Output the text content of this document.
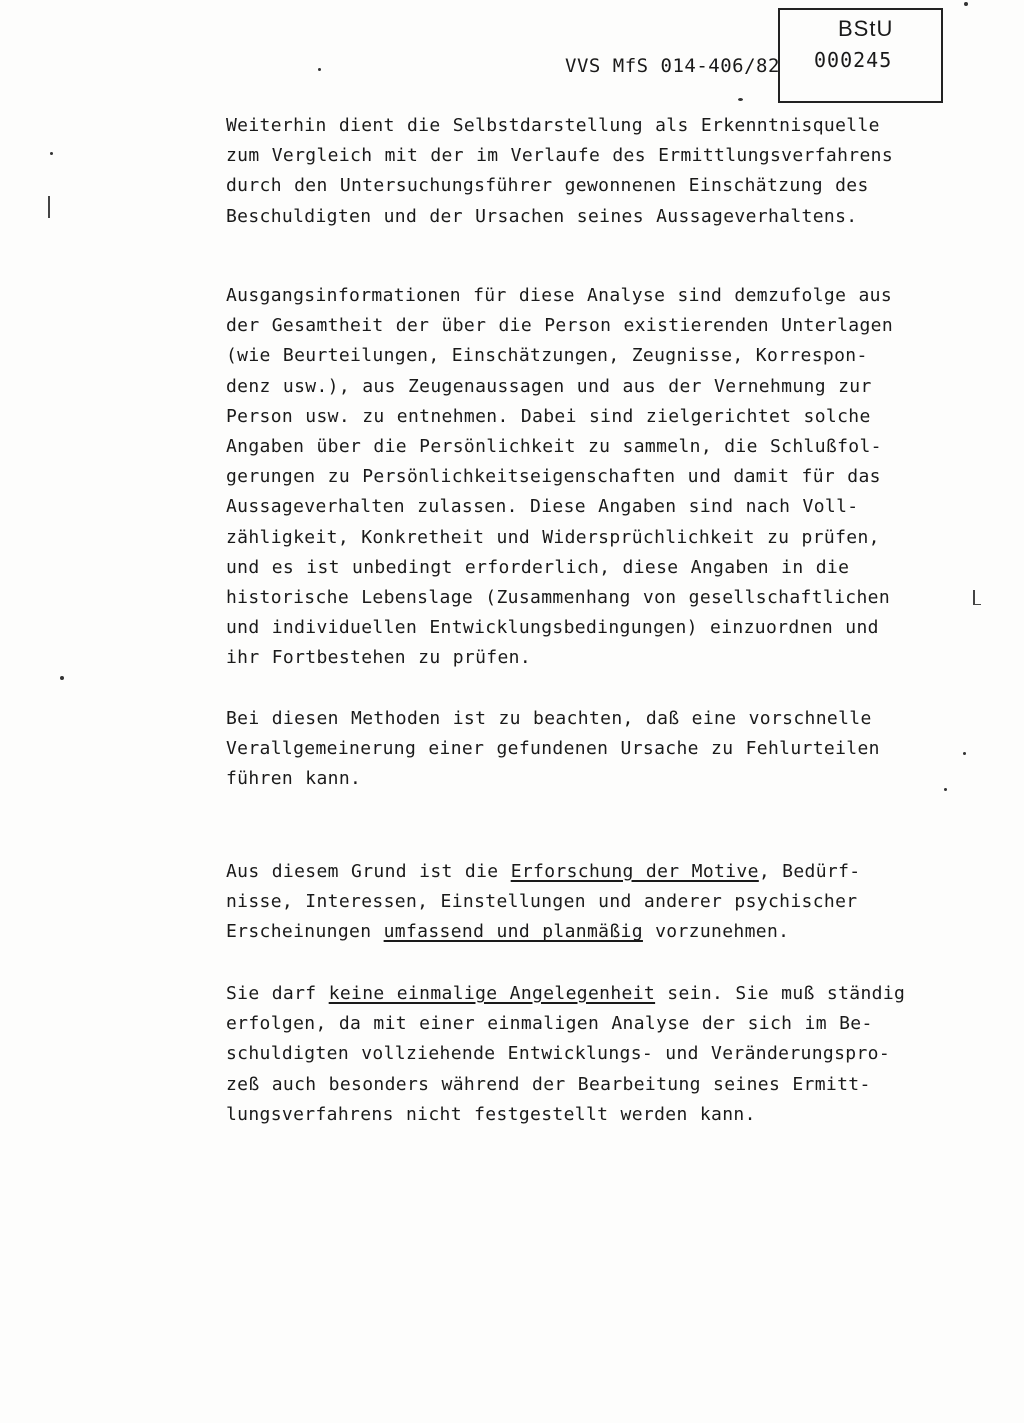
VVS MfS 014-406/82
BStU
000245
Weiterhin dient die Selbstdarstellung als Erkenntnisquelle
zum Vergleich mit der im Verlaufe des Ermittlungsverfahrens
durch den Untersuchungsführer gewonnenen Einschätzung des
Beschuldigten und der Ursachen seines Aussageverhaltens.
Ausgangsinformationen für diese Analyse sind demzufolge aus
der Gesamtheit der über die Person existierenden Unterlagen
(wie Beurteilungen, Einschätzungen, Zeugnisse, Korrespon-
denz usw.), aus Zeugenaussagen und aus der Vernehmung zur
Person usw. zu entnehmen. Dabei sind zielgerichtet solche
Angaben über die Persönlichkeit zu sammeln, die Schlußfol-
gerungen zu Persönlichkeitseigenschaften und damit für das
Aussageverhalten zulassen. Diese Angaben sind nach Voll-
zähligkeit, Konkretheit und Widersprüchlichkeit zu prüfen,
und es ist unbedingt erforderlich, diese Angaben in die
historische Lebenslage (Zusammenhang von gesellschaftlichen
und individuellen Entwicklungsbedingungen) einzuordnen und
ihr Fortbestehen zu prüfen.
Bei diesen Methoden ist zu beachten, daß eine vorschnelle
Verallgemeinerung einer gefundenen Ursache zu Fehlurteilen
führen kann.
Aus diesem Grund ist die Erforschung der Motive, Bedürf-
nisse, Interessen, Einstellungen und anderer psychischer
Erscheinungen umfassend und planmäßig vorzunehmen.
Sie darf keine einmalige Angelegenheit sein. Sie muß ständig
erfolgen, da mit einer einmaligen Analyse der sich im Be-
schuldigten vollziehende Entwicklungs- und Veränderungspro-
zeß auch besonders während der Bearbeitung seines Ermitt-
lungsverfahrens nicht festgestellt werden kann.
